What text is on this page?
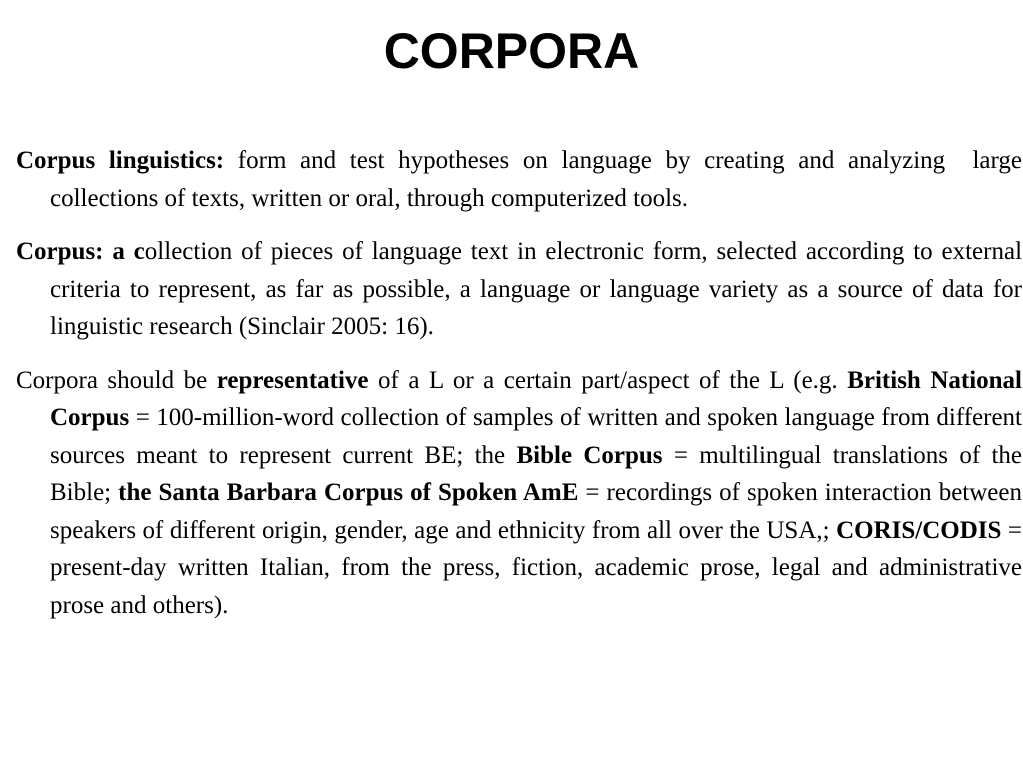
CORPORA

Corpus linguistics: form and test hypotheses on language by creating and analyzing  large collections of texts, written or oral, through computerized tools.

Corpus: a collection of pieces of language text in electronic form, selected according to external criteria to represent, as far as possible, a language or language variety as a source of data for linguistic research (Sinclair 2005: 16).

Corpora should be representative of a L or a certain part/aspect of the L (e.g. British National Corpus = 100-million-word collection of samples of written and spoken language from different sources meant to represent current BE; the Bible Corpus = multilingual translations of the Bible; the Santa Barbara Corpus of Spoken AmE = recordings of spoken interaction between speakers of different origin, gender, age and ethnicity from all over the USA,; CORIS/CODIS = present-day written Italian, from the press, fiction, academic prose, legal and administrative prose and others).
